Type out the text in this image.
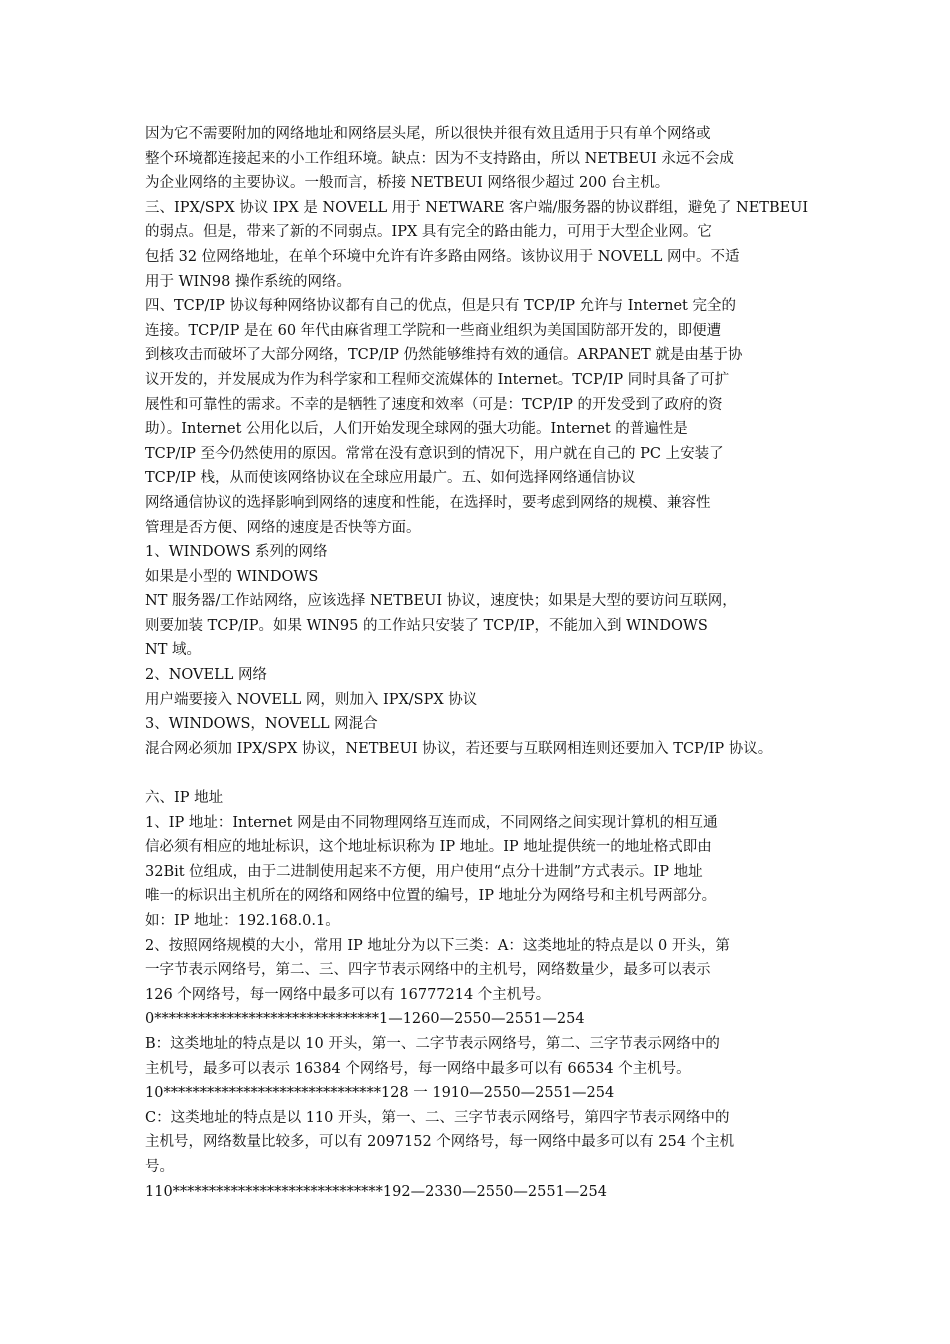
因为它不需要附加的网络地址和网络层头尾，所以很快并很有效且适用于只有单个网络或
整个环境都连接起来的小工作组环境。缺点：因为不支持路由，所以 NETBEUI 永远不会成
为企业网络的主要协议。一般而言，桥接 NETBEUI 网络很少超过 200 台主机。
三、IPX/SPX 协议 IPX 是 NOVELL 用于 NETWARE 客户端/服务器的协议群组，避免了 NETBEUI
的弱点。但是，带来了新的不同弱点。IPX 具有完全的路由能力，可用于大型企业网。它
包括 32 位网络地址，在单个环境中允许有许多路由网络。该协议用于 NOVELL 网中。不适
用于 WIN98 操作系统的网络。
四、TCP/IP 协议每种网络协议都有自己的优点，但是只有 TCP/IP 允许与 Internet 完全的
连接。TCP/IP 是在 60 年代由麻省理工学院和一些商业组织为美国国防部开发的，即便遭
到核攻击而破坏了大部分网络，TCP/IP 仍然能够维持有效的通信。ARPANET 就是由基于协
议开发的，并发展成为作为科学家和工程师交流媒体的 Internet。TCP/IP 同时具备了可扩
展性和可靠性的需求。不幸的是牺牲了速度和效率（可是：TCP/IP 的开发受到了政府的资
助）。Internet 公用化以后，人们开始发现全球网的强大功能。Internet 的普遍性是
TCP/IP 至今仍然使用的原因。常常在没有意识到的情况下，用户就在自己的 PC 上安装了
TCP/IP 栈，从而使该网络协议在全球应用最广。五、如何选择网络通信协议
网络通信协议的选择影响到网络的速度和性能，在选择时，要考虑到网络的规模、兼容性
管理是否方便、网络的速度是否快等方面。
1、WINDOWS 系列的网络
如果是小型的 WINDOWS
NT 服务器/工作站网络，应该选择 NETBEUI 协议，速度快；如果是大型的要访问互联网，
则要加装 TCP/IP。如果 WIN95 的工作站只安装了 TCP/IP，不能加入到 WINDOWS
NT 域。
2、NOVELL 网络
用户端要接入 NOVELL 网，则加入 IPX/SPX 协议
3、WINDOWS，NOVELL 网混合
混合网必须加 IPX/SPX 协议，NETBEUI 协议，若还要与互联网相连则还要加入 TCP/IP 协议。
六、IP 地址
1、IP 地址：Internet 网是由不同物理网络互连而成，不同网络之间实现计算机的相互通
信必须有相应的地址标识，这个地址标识称为 IP 地址。IP 地址提供统一的地址格式即由
32Bit 位组成，由于二进制使用起来不方便，用户使用“点分十进制”方式表示。IP 地址
唯一的标识出主机所在的网络和网络中位置的编号，IP 地址分为网络号和主机号两部分。
如：IP 地址：192.168.0.1。
2、按照网络规模的大小，常用 IP 地址分为以下三类：A：这类地址的特点是以 0 开头，第
一字节表示网络号，第二、三、四字节表示网络中的主机号，网络数量少，最多可以表示
126 个网络号，每一网络中最多可以有 16777214 个主机号。
0*******************************1—1260—2550—2551—254
B：这类地址的特点是以 10 开头，第一、二字节表示网络号，第二、三字节表示网络中的
主机号，最多可以表示 16384 个网络号，每一网络中最多可以有 66534 个主机号。
10******************************128 一 1910—2550—2551—254
C：这类地址的特点是以 110 开头，第一、二、三字节表示网络号，第四字节表示网络中的
主机号，网络数量比较多，可以有 2097152 个网络号，每一网络中最多可以有 254 个主机
号。
110*****************************192—2330—2550—2551—254
